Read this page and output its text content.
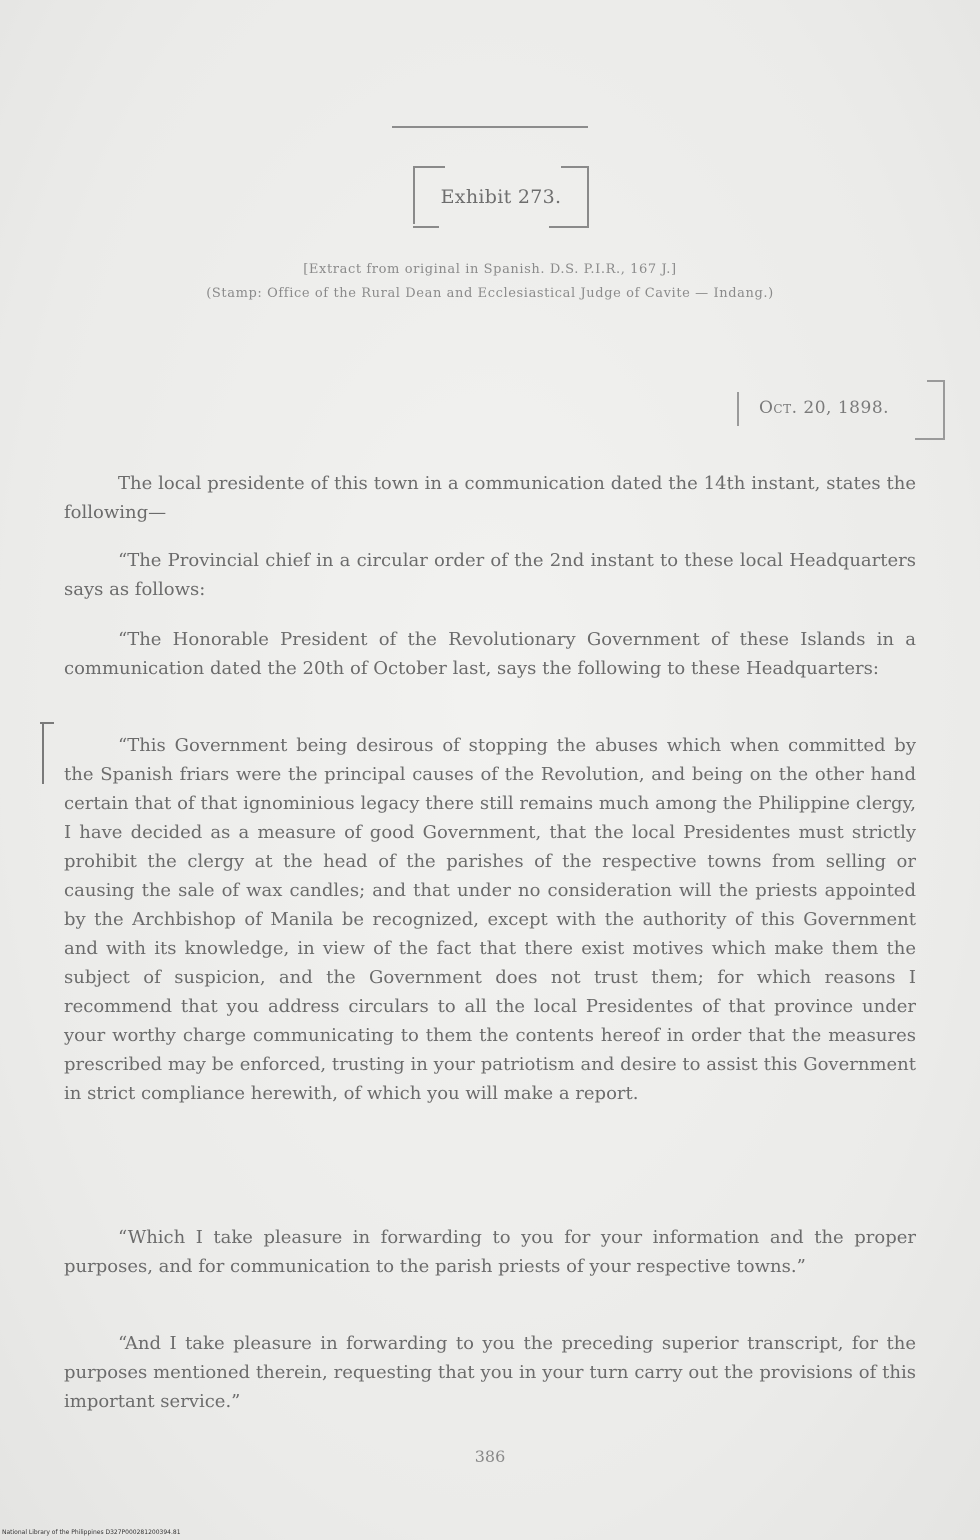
Exhibit 273.
[Extract from original in Spanish. D.S. P.I.R., 167 J.]
(Stamp: Office of the Rural Dean and Ecclesiastical Judge of Cavite — Indang.)
Oct. 20, 1898.

The local presidente of this town in a communication dated the 14th instant, states the following—

“The Provincial chief in a circular order of the 2nd instant to these local Headquarters says as follows:

“The Honorable President of the Revolutionary Government of these Islands in a communication dated the 20th of October last, says the following to these Headquarters:

“This Government being desirous of stopping the abuses which when committed by the Spanish friars were the principal causes of the Revolution, and being on the other hand certain that of that ignominious legacy there still remains much among the Philippine clergy, I have decided as a measure of good Government, that the local Presidentes must strictly prohibit the clergy at the head of the parishes of the respective towns from selling or causing the sale of wax candles; and that under no consideration will the priests appointed by the Archbishop of Manila be recognized, except with the authority of this Government and with its knowledge, in view of the fact that there exist motives which make them the subject of suspicion, and the Government does not trust them; for which reasons I recommend that you address circulars to all the local Presidentes of that province under your worthy charge communicating to them the contents hereof in order that the measures prescribed may be enforced, trusting in your patriotism and desire to assist this Government in strict compliance herewith, of which you will make a report.

“Which I take pleasure in forwarding to you for your information and the proper purposes, and for communication to the parish priests of your respective towns.”

“And I take pleasure in forwarding to you the preceding superior transcript, for the purposes mentioned therein, requesting that you in your turn carry out the provisions of this important service.”

386
National Library of the Philippines D327P000281200394.81
